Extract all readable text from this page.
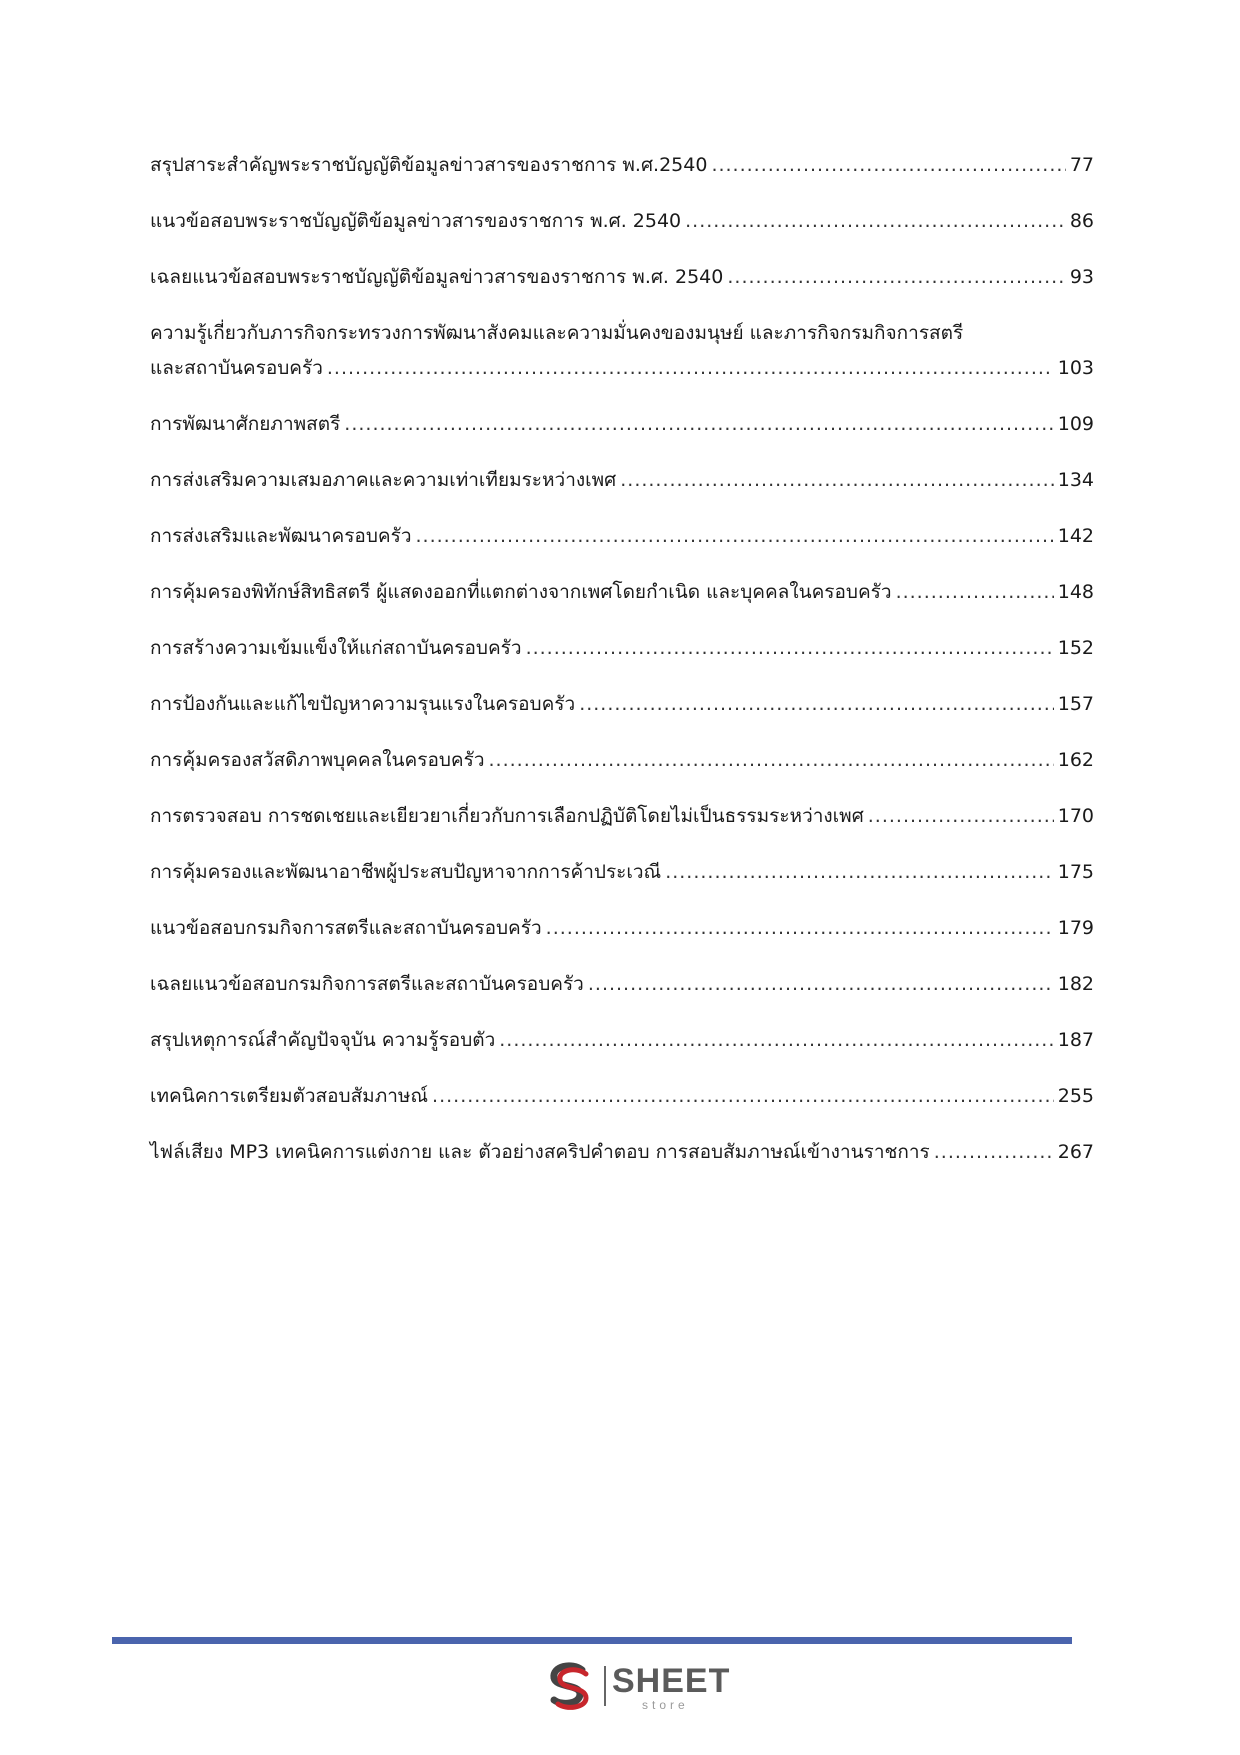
สรุปสาระสำคัญพระราชบัญญัติข้อมูลข่าวสารของราชการ พ.ศ.2540 .....	77
แนวข้อสอบพระราชบัญญัติข้อมูลข่าวสารของราชการ พ.ศ. 2540 .....	86
เฉลยแนวข้อสอบพระราชบัญญัติข้อมูลข่าวสารของราชการ พ.ศ. 2540 .....	93
ความรู้เกี่ยวกับภารกิจกระทรวงการพัฒนาสังคมและความมั่นคงของมนุษย์ และภารกิจกรมกิจการสตรี
และสถาบันครอบครัว .....	103
การพัฒนาศักยภาพสตรี .....	109
การส่งเสริมความเสมอภาคและความเท่าเทียมระหว่างเพศ .....	134
การส่งเสริมและพัฒนาครอบครัว .....	142
การคุ้มครองพิทักษ์สิทธิสตรี ผู้แสดงออกที่แตกต่างจากเพศโดยกำเนิด และบุคคลในครอบครัว .....	148
การสร้างความเข้มแข็งให้แก่สถาบันครอบครัว .....	152
การป้องกันและแก้ไขปัญหาความรุนแรงในครอบครัว .....	157
การคุ้มครองสวัสดิภาพบุคคลในครอบครัว .....	162
การตรวจสอบ การชดเชยและเยียวยาเกี่ยวกับการเลือกปฏิบัติโดยไม่เป็นธรรมระหว่างเพศ .....	170
การคุ้มครองและพัฒนาอาชีพผู้ประสบปัญหาจากการค้าประเวณี .....	175
แนวข้อสอบกรมกิจการสตรีและสถาบันครอบครัว .....	179
เฉลยแนวข้อสอบกรมกิจการสตรีและสถาบันครอบครัว .....	182
สรุปเหตุการณ์สำคัญปัจจุบัน ความรู้รอบตัว .....	187
เทคนิคการเตรียมตัวสอบสัมภาษณ์ .....	255
ไฟล์เสียง MP3 เทคนิคการแต่งกาย และ ตัวอย่างสคริปคำตอบ การสอบสัมภาษณ์เข้างานราชการ .....	267
SHEET
store
